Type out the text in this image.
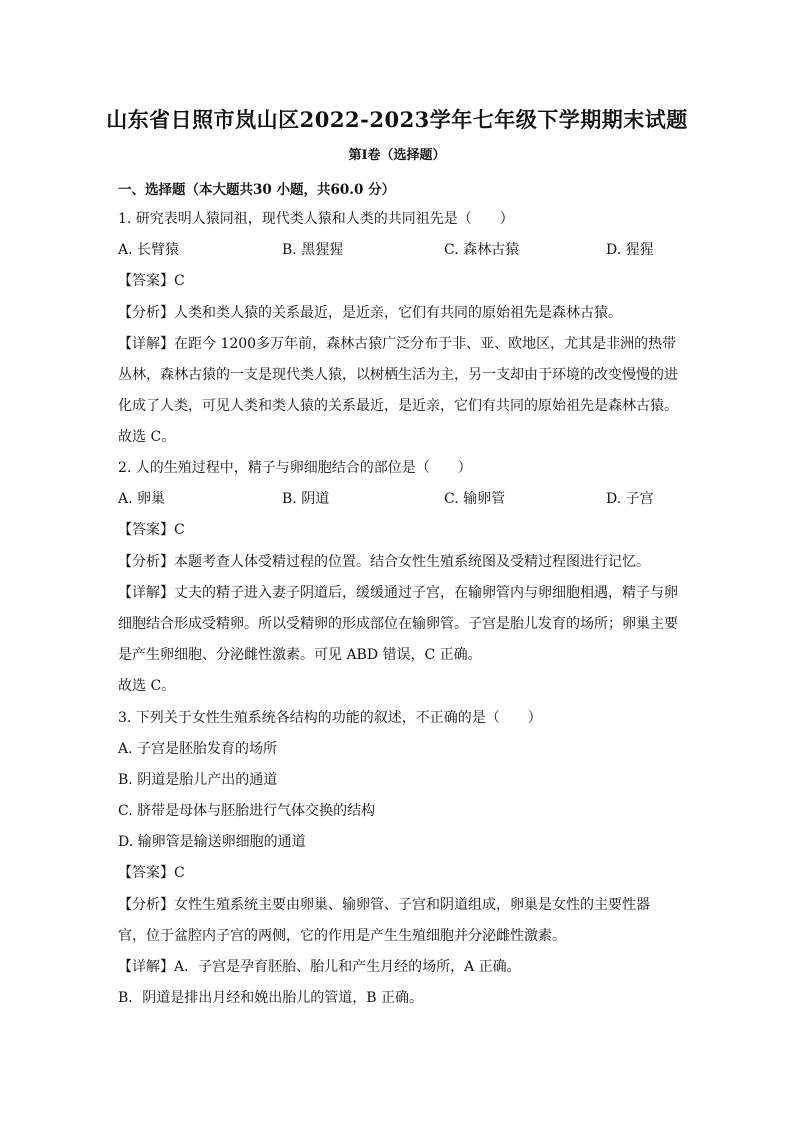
山东省日照市岚山区2022-2023学年七年级下学期期末试题
第Ⅰ卷（选择题）
一、选择题（本大题共30 小题，共60.0 分）
1. 研究表明人猿同祖，现代类人猿和人类的共同祖先是（　　）
A. 长臂猿	B. 黑猩猩	C. 森林古猿	D. 猩猩
【答案】C
【分析】人类和类人猿的关系最近，是近亲，它们有共同的原始祖先是森林古猿。
【详解】在距今 1200多万年前，森林古猿广泛分布于非、亚、欧地区，尤其是非洲的热带
丛林，森林古猿的一支是现代类人猿，以树栖生活为主，另一支却由于环境的改变慢慢的进
化成了人类，可见人类和类人猿的关系最近，是近亲，它们有共同的原始祖先是森林古猿。
故选 C。
2. 人的生殖过程中，精子与卵细胞结合的部位是（　　）
A. 卵巢	B. 阴道	C. 输卵管	D. 子宫
【答案】C
【分析】本题考查人体受精过程的位置。结合女性生殖系统图及受精过程图进行记忆。
【详解】丈夫的精子进入妻子阴道后，缓缓通过子宫，在输卵管内与卵细胞相遇，精子与卵
细胞结合形成受精卵。所以受精卵的形成部位在输卵管。子宫是胎儿发育的场所；卵巢主要
是产生卵细胞、分泌雌性激素。可见 ABD 错误，C 正确。
故选 C。
3. 下列关于女性生殖系统各结构的功能的叙述，不正确的是（　　）
A. 子宫是胚胎发育的场所
B. 阴道是胎儿产出的通道
C. 脐带是母体与胚胎进行气体交换的结构
D. 输卵管是输送卵细胞的通道
【答案】C
【分析】女性生殖系统主要由卵巢、输卵管、子宫和阴道组成，卵巢是女性的主要性器
官，位于盆腔内子宫的两侧，它的作用是产生生殖细胞并分泌雌性激素。
【详解】A．子宫是孕育胚胎、胎儿和产生月经的场所，A 正确。
B．阴道是排出月经和娩出胎儿的管道，B 正确。
